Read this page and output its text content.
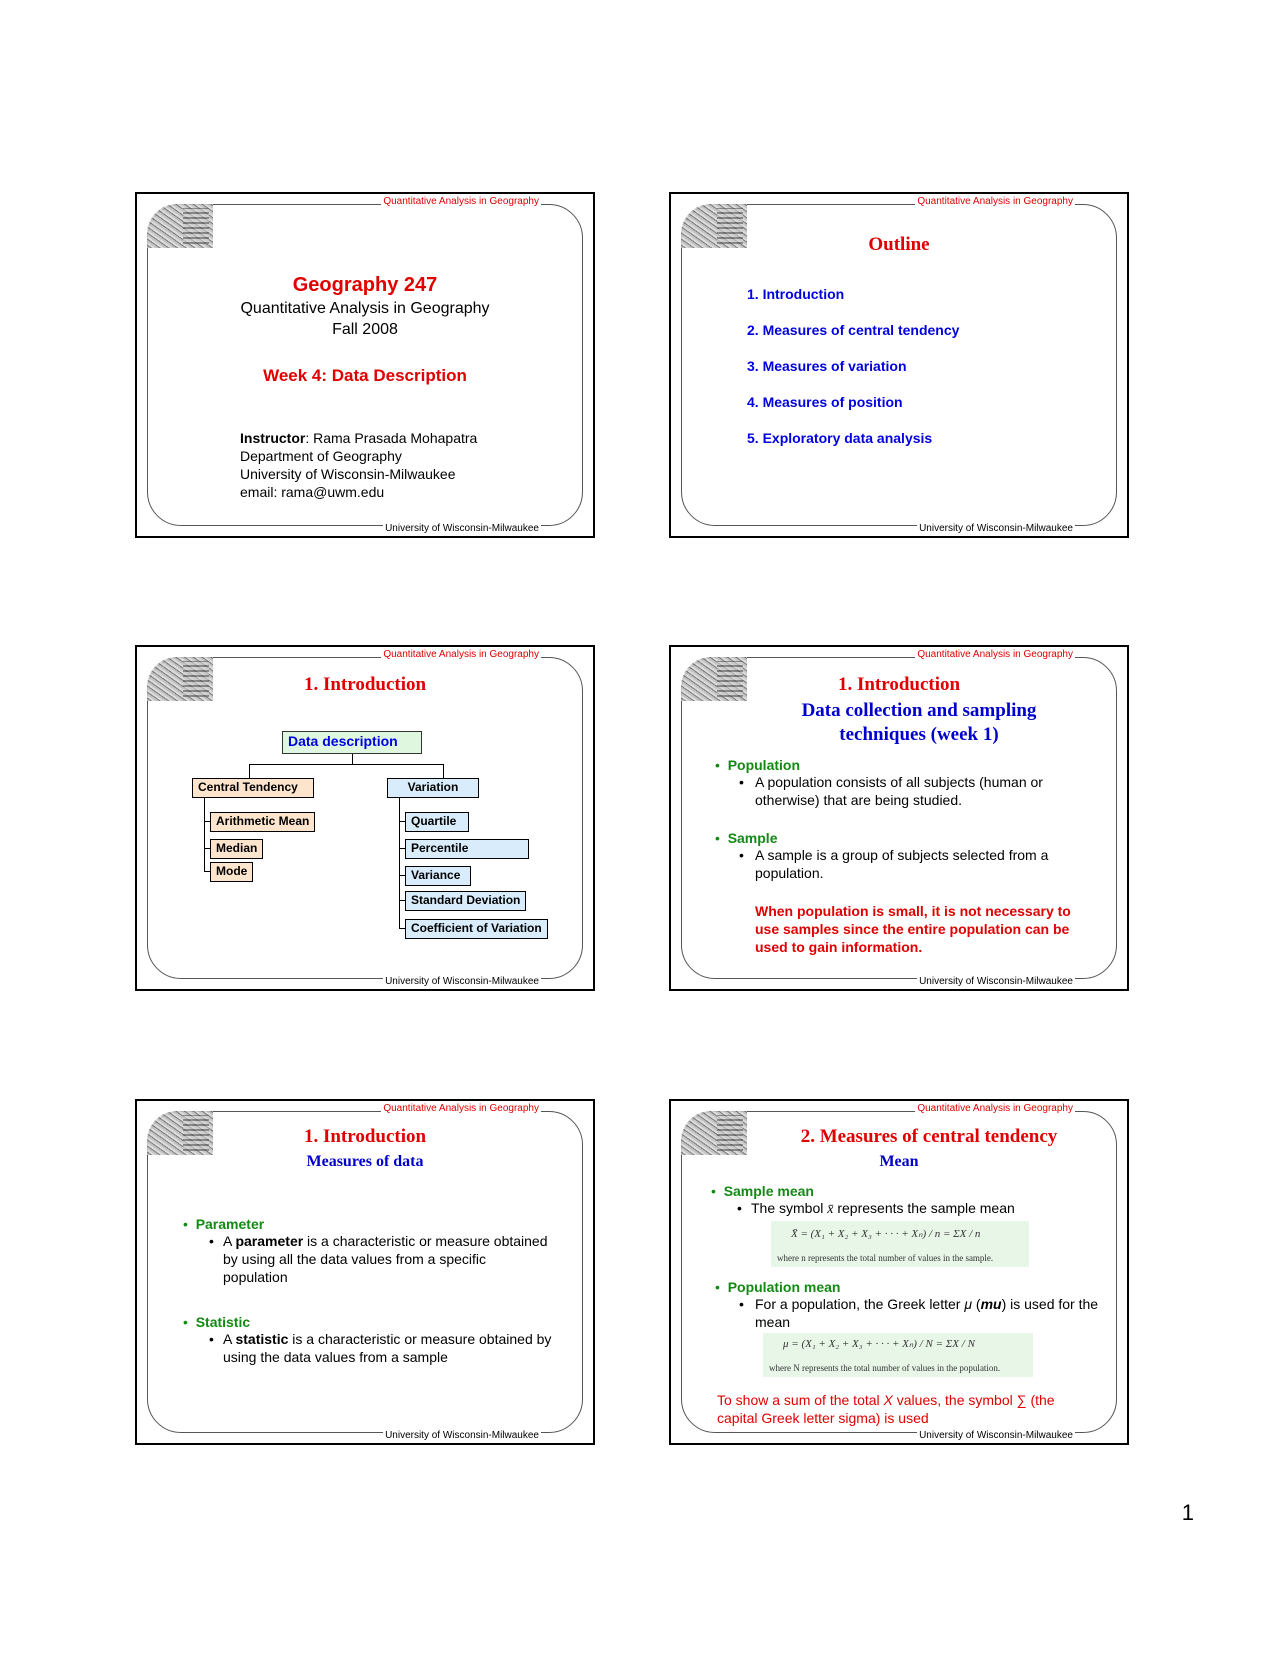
Quantitative Analysis in Geography
Geography 247
Quantitative Analysis in Geography
Fall 2008
Week 4: Data Description
Instructor: Rama Prasada Mohapatra
Department of Geography
University of Wisconsin-Milwaukee
email: rama@uwm.edu
University of Wisconsin-Milwaukee
Quantitative Analysis in Geography
Outline
1. Introduction
2. Measures of central tendency
3. Measures of variation
4. Measures of position
5. Exploratory data analysis
University of Wisconsin-Milwaukee
Quantitative Analysis in Geography
1. Introduction
Data description
Central Tendency	Variation
Arithmetic Mean
Median
Mode
Quartile
Percentile
Variance
Standard Deviation
Coefficient of Variation
University of Wisconsin-Milwaukee
Quantitative Analysis in Geography
1. Introduction
Data collection and sampling
techniques (week 1)
•  Population
• A population consists of all subjects (human or otherwise) that are being studied.
•  Sample
• A sample is a group of subjects selected from a population.
When population is small, it is not necessary to use samples since the entire population can be used to gain information.
University of Wisconsin-Milwaukee
Quantitative Analysis in Geography
1. Introduction
Measures of data
•  Parameter
• A parameter is a characteristic or measure obtained by using all the data values from a specific population
•  Statistic
• A statistic is a characteristic or measure obtained by using the data values from a sample
University of Wisconsin-Milwaukee
Quantitative Analysis in Geography
2. Measures of central tendency
Mean
•  Sample mean
• The symbol x̄ represents the sample mean
X̄ = (X₁ + X₂ + X₃ + · · · + Xₙ) / n = ΣX / n
where n represents the total number of values in the sample.
•  Population mean
• For a population, the Greek letter μ (mu) is used for the mean
μ = (X₁ + X₂ + X₃ + · · · + Xₙ) / N = ΣX / N
where N represents the total number of values in the population.
To show a sum of the total X values, the symbol ∑ (the capital Greek letter sigma) is used
University of Wisconsin-Milwaukee
1
